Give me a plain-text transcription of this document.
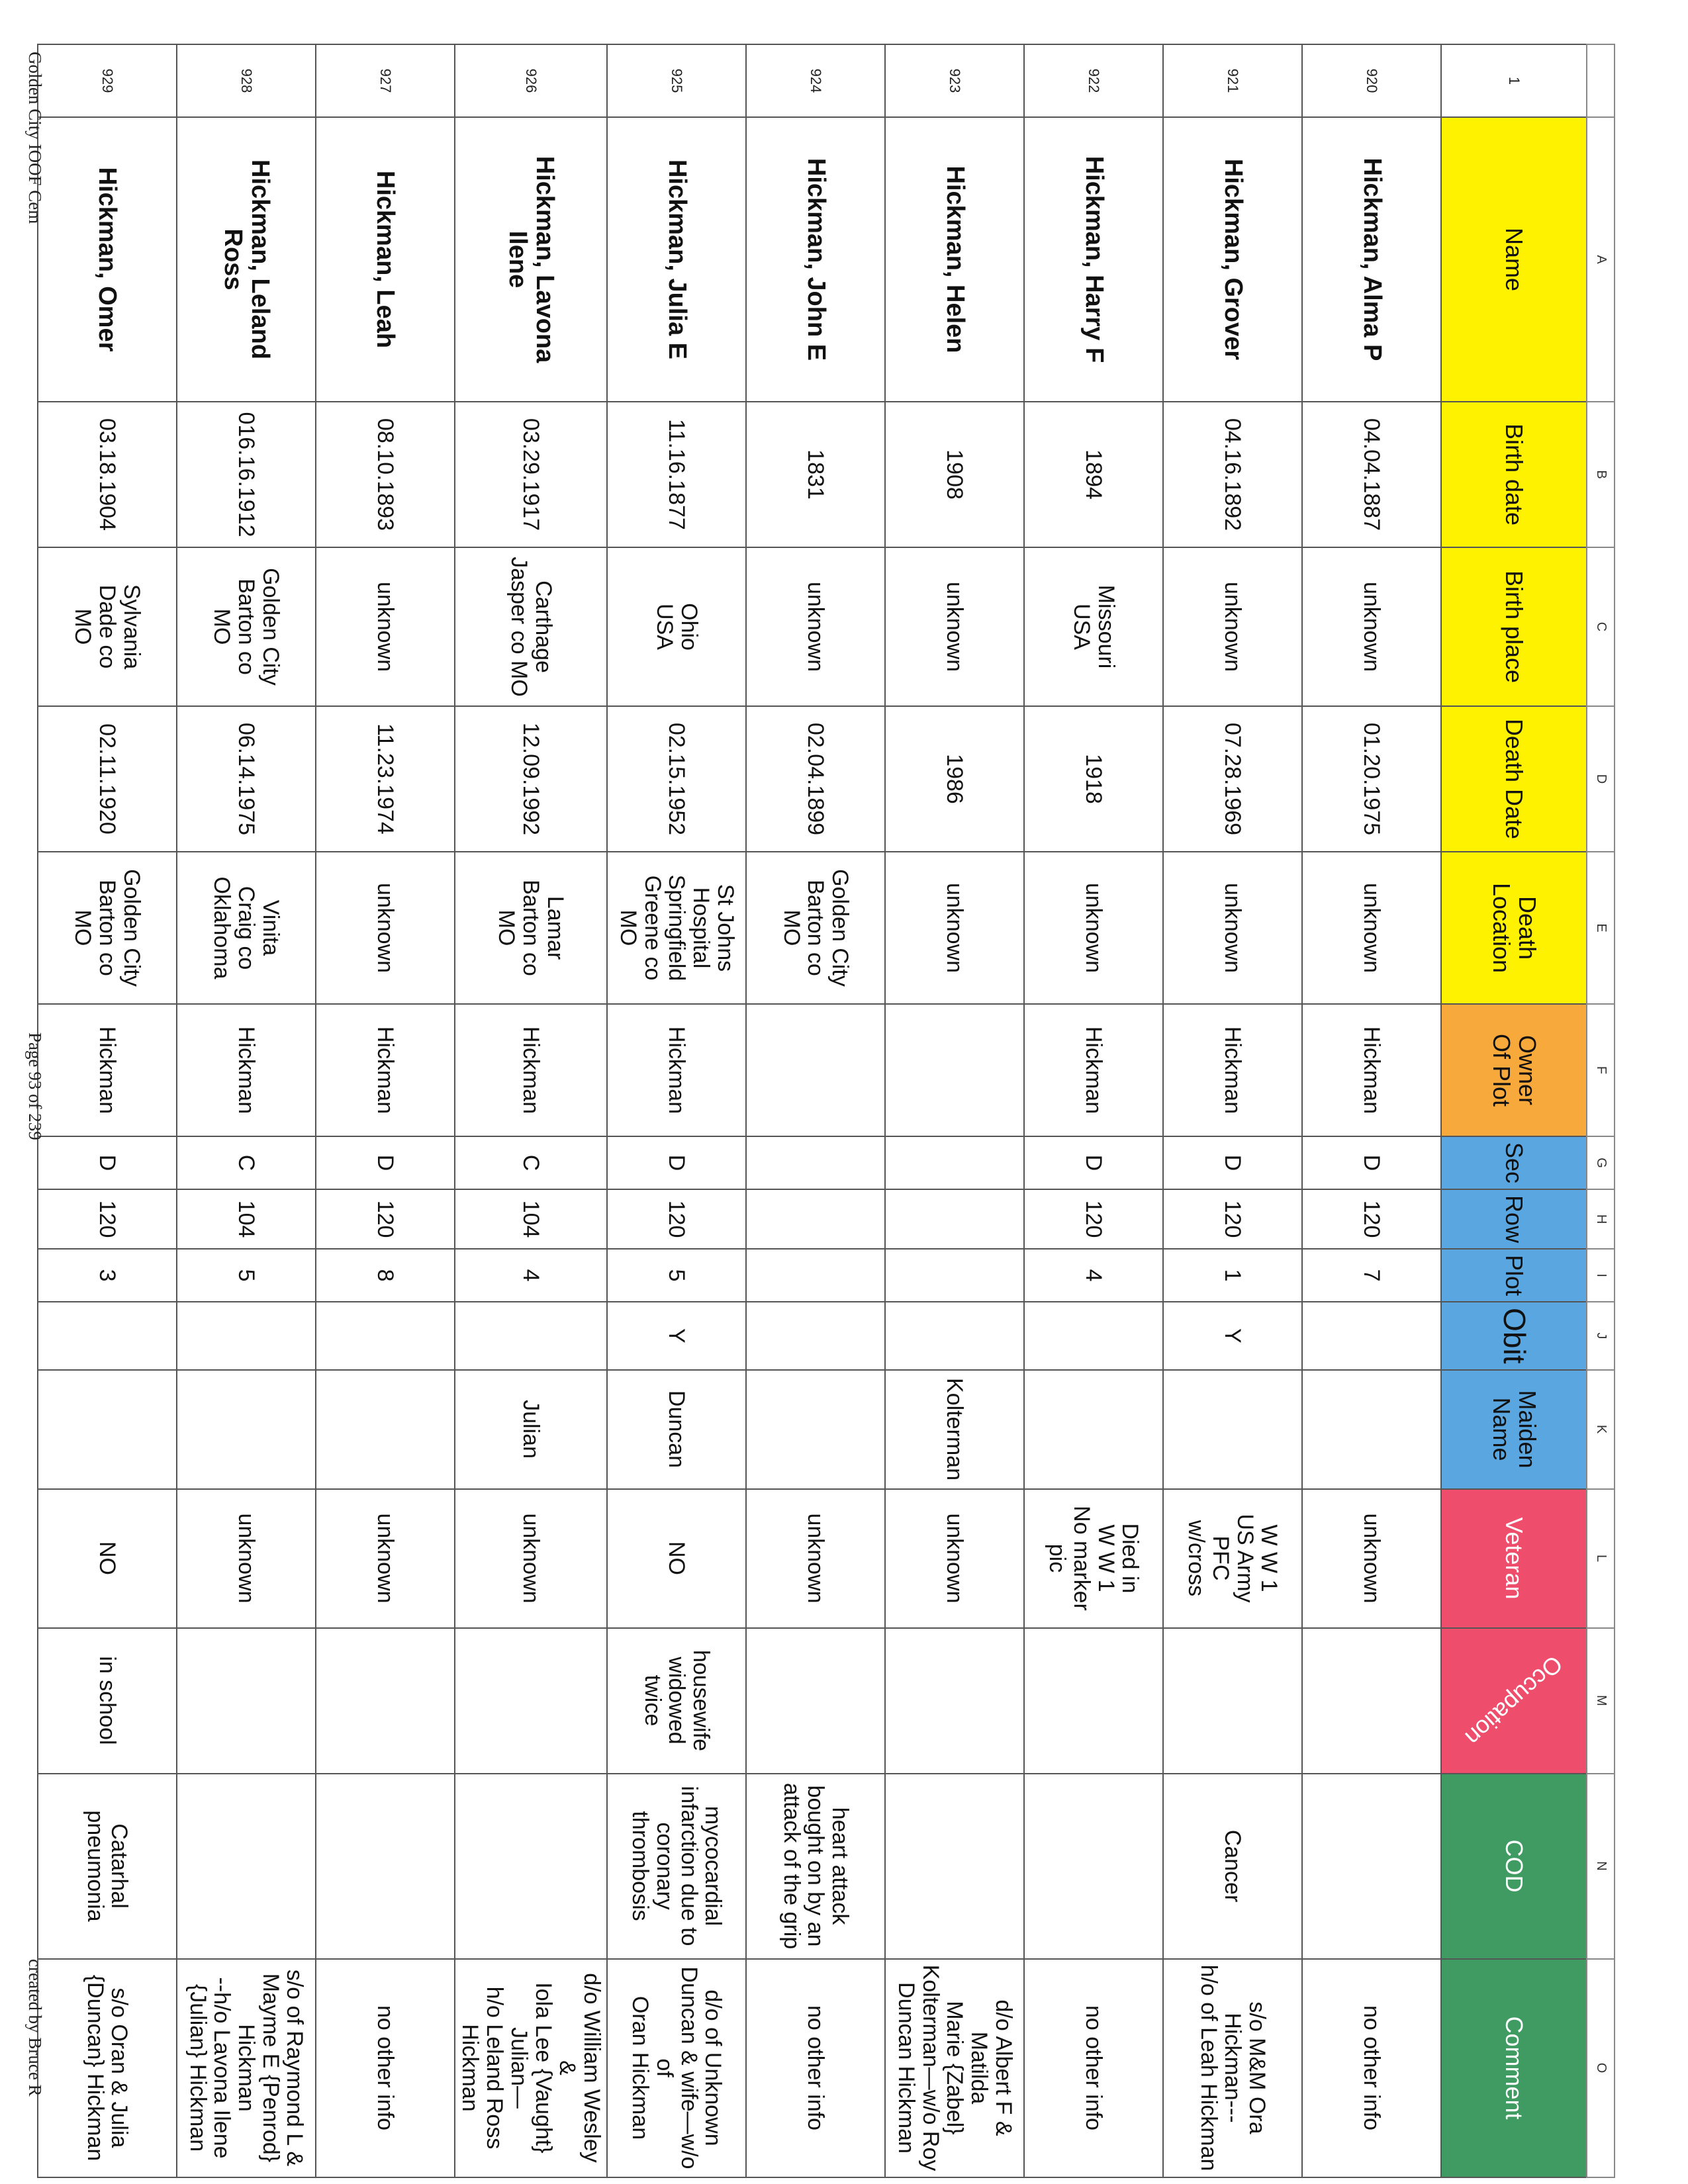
	A	B	C	D	E	F	G	H	I	J	K	L	M	N	O
1	Name	Birth date	Birth place	Death Date	Death
Location	Owner
Of Plot	Sec	Row	Plot	Obit	Maiden
Name	Veteran	Occupation	COD	Comment
920	Hickman, Alma P	04.04.1887	unknown	01.20.1975	unknown	Hickman	D	120	7			unknown			no other info
921	Hickman, Grover	04.16.1892	unknown	07.28.1969	unknown	Hickman	D	120	1	Y		W W 1
US Army
PFC
w/cross		Cancer	s/o M&M Ora
Hickman---
h/o of Leah Hickman
922	Hickman, Harry F	1894	Missouri
USA	1918	unknown	Hickman	D	120	4			Died in
W W 1
No marker
pic			no other info
923	Hickman, Helen	1908	unknown	1986	unknown						Kolterman	unknown			d/o Albert F & Matilda
Marie {Zabel}
Kolterman—w/o Roy
Duncan Hickman
924	Hickman, John E	1831	unknown	02.04.1899	Golden City
Barton co
MO							unknown		heart attack
bought on by an
attack of the grip	no other info
925	Hickman, Julia E	11.16.1877	Ohio
USA	02.15.1952	St Johns
Hospital
Springfield
Greene co
MO	Hickman	D	120	5	Y	Duncan	NO	housewife
widowed
twice	mycocardial
infarction due to
coronary
thrombosis	d/o of Unknown
Duncan & wife—w/o of
Oran Hickman
926	Hickman, Lavona
Ilene	03.29.1917	Carthage
Jasper co MO	12.09.1992	Lamar
Barton co
MO	Hickman	C	104	4		Julian	unknown			d/o William Wesley &
Iola Lee {Vaught}
Julian—
h/o Leland Ross
Hickman
927	Hickman, Leah	08.10.1893	unknown	11.23.1974	unknown	Hickman	D	120	8			unknown			no other info
928	Hickman, Leland
Ross	016.16.1912	Golden City
Barton co
MO	06.14.1975	Vinita
Craig co
Oklahoma	Hickman	C	104	5			unknown			s/o of Raymond L &
Mayme E {Penrod}
Hickman
--h/o Lavona Ilene
{Julian} Hickman
929	Hickman, Omer	03.18.1904	Sylvania
Dade co
MO	02.11.1920	Golden City
Barton co
MO	Hickman	D	120	3			NO	in school	Catarhal
pneumonia	s/o Oran & Julia
{Duncan} Hickman
Golden City IOOF Cem
Page 93 of 239
created by Bruce R
